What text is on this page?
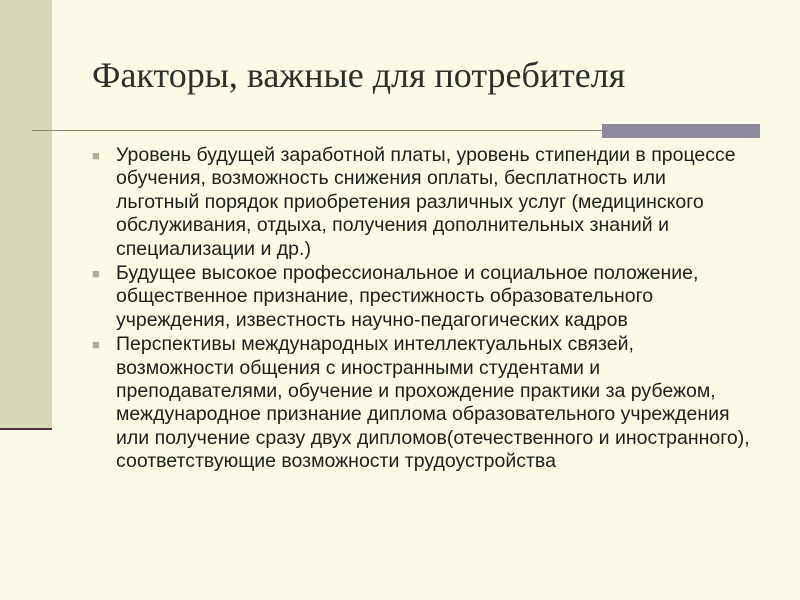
Факторы, важные для потребителя
■ Уровень будущей заработной платы, уровень стипендии в процессе обучения, возможность снижения оплаты, бесплатность или льготный порядок приобретения различных услуг (медицинского обслуживания, отдыха, получения дополнительных знаний и специализации и др.)
■ Будущее высокое профессиональное и социальное положение, общественное признание, престижность образовательного учреждения, известность научно-педагогических кадров
■ Перспективы международных интеллектуальных связей, возможности общения с иностранными студентами и преподавателями, обучение и прохождение практики за рубежом, международное признание диплома образовательного учреждения или получение сразу двух дипломов(отечественного и иностранного), соответствующие возможности трудоустройства
